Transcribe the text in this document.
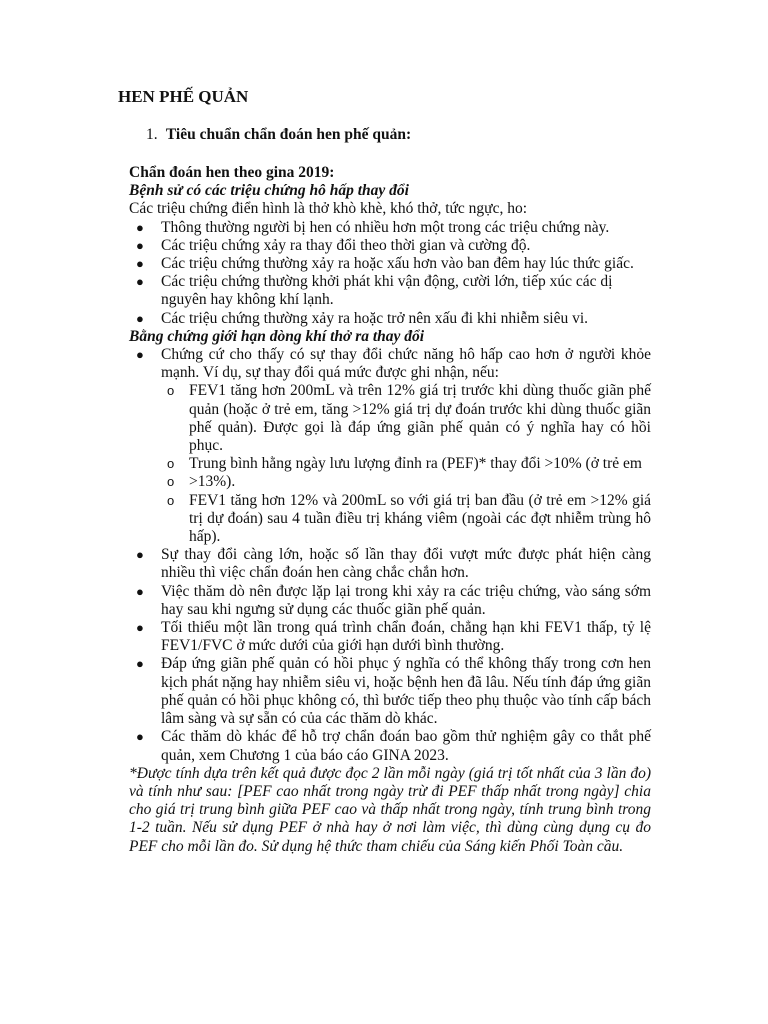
HEN PHẾ QUẢN
1. Tiêu chuẩn chẩn đoán hen phế quản:

Chẩn đoán hen theo gina 2019:

Bệnh sử có các triệu chứng hô hấp thay đổi

Các triệu chứng điển hình là thở khò khè, khó thở, tức ngực, ho:

● Thông thường người bị hen có nhiều hơn một trong các triệu chứng này.
● Các triệu chứng xảy ra thay đổi theo thời gian và cường độ.
● Các triệu chứng thường xảy ra hoặc xấu hơn vào ban đêm hay lúc thức giấc.
● Các triệu chứng thường khởi phát khi vận động, cười lớn, tiếp xúc các dị nguyên hay không khí lạnh.
● Các triệu chứng thường xảy ra hoặc trở nên xấu đi khi nhiễm siêu vi.

Bằng chứng giới hạn dòng khí thở ra thay đổi

● Chứng cứ cho thấy có sự thay đổi chức năng hô hấp cao hơn ở người khỏe mạnh. Ví dụ, sự thay đổi quá mức được ghi nhận, nếu:
o FEV1 tăng hơn 200mL và trên 12% giá trị trước khi dùng thuốc giãn phế quản (hoặc ở trẻ em, tăng >12% giá trị dự đoán trước khi dùng thuốc giãn phế quản). Được gọi là đáp ứng giãn phế quản có ý nghĩa hay có hồi phục.
o Trung bình hằng ngày lưu lượng đỉnh ra (PEF)* thay đổi >10% (ở trẻ em
o >13%).
o FEV1 tăng hơn 12% và 200mL so với giá trị ban đầu (ở trẻ em >12% giá trị dự đoán) sau 4 tuần điều trị kháng viêm (ngoài các đợt nhiễm trùng hô hấp).
● Sự thay đổi càng lớn, hoặc số lần thay đổi vượt mức được phát hiện càng nhiều thì việc chẩn đoán hen càng chắc chắn hơn.
● Việc thăm dò nên được lặp lại trong khi xảy ra các triệu chứng, vào sáng sớm hay sau khi ngưng sử dụng các thuốc giãn phế quản.
● Tối thiểu một lần trong quá trình chẩn đoán, chẳng hạn khi FEV1 thấp, tỷ lệ FEV1/FVC ở mức dưới của giới hạn dưới bình thường.
● Đáp ứng giãn phế quản có hồi phục ý nghĩa có thể không thấy trong cơn hen kịch phát nặng hay nhiễm siêu vi, hoặc bệnh hen đã lâu. Nếu tính đáp ứng giãn phế quản có hồi phục không có, thì bước tiếp theo phụ thuộc vào tính cấp bách lâm sàng và sự sẵn có của các thăm dò khác.
● Các thăm dò khác để hỗ trợ chẩn đoán bao gồm thử nghiệm gây co thắt phế quản, xem Chương 1 của báo cáo GINA 2023.

*Được tính dựa trên kết quả được đọc 2 lần mỗi ngày (giá trị tốt nhất của 3 lần đo) và tính như sau: [PEF cao nhất trong ngày trừ đi PEF thấp nhất trong ngày] chia cho giá trị trung bình giữa PEF cao và thấp nhất trong ngày, tính trung bình trong 1-2 tuần. Nếu sử dụng PEF ở nhà hay ở nơi làm việc, thì dùng cùng dụng cụ đo PEF cho mỗi lần đo. Sử dụng hệ thức tham chiếu của Sáng kiến Phối Toàn cầu.
